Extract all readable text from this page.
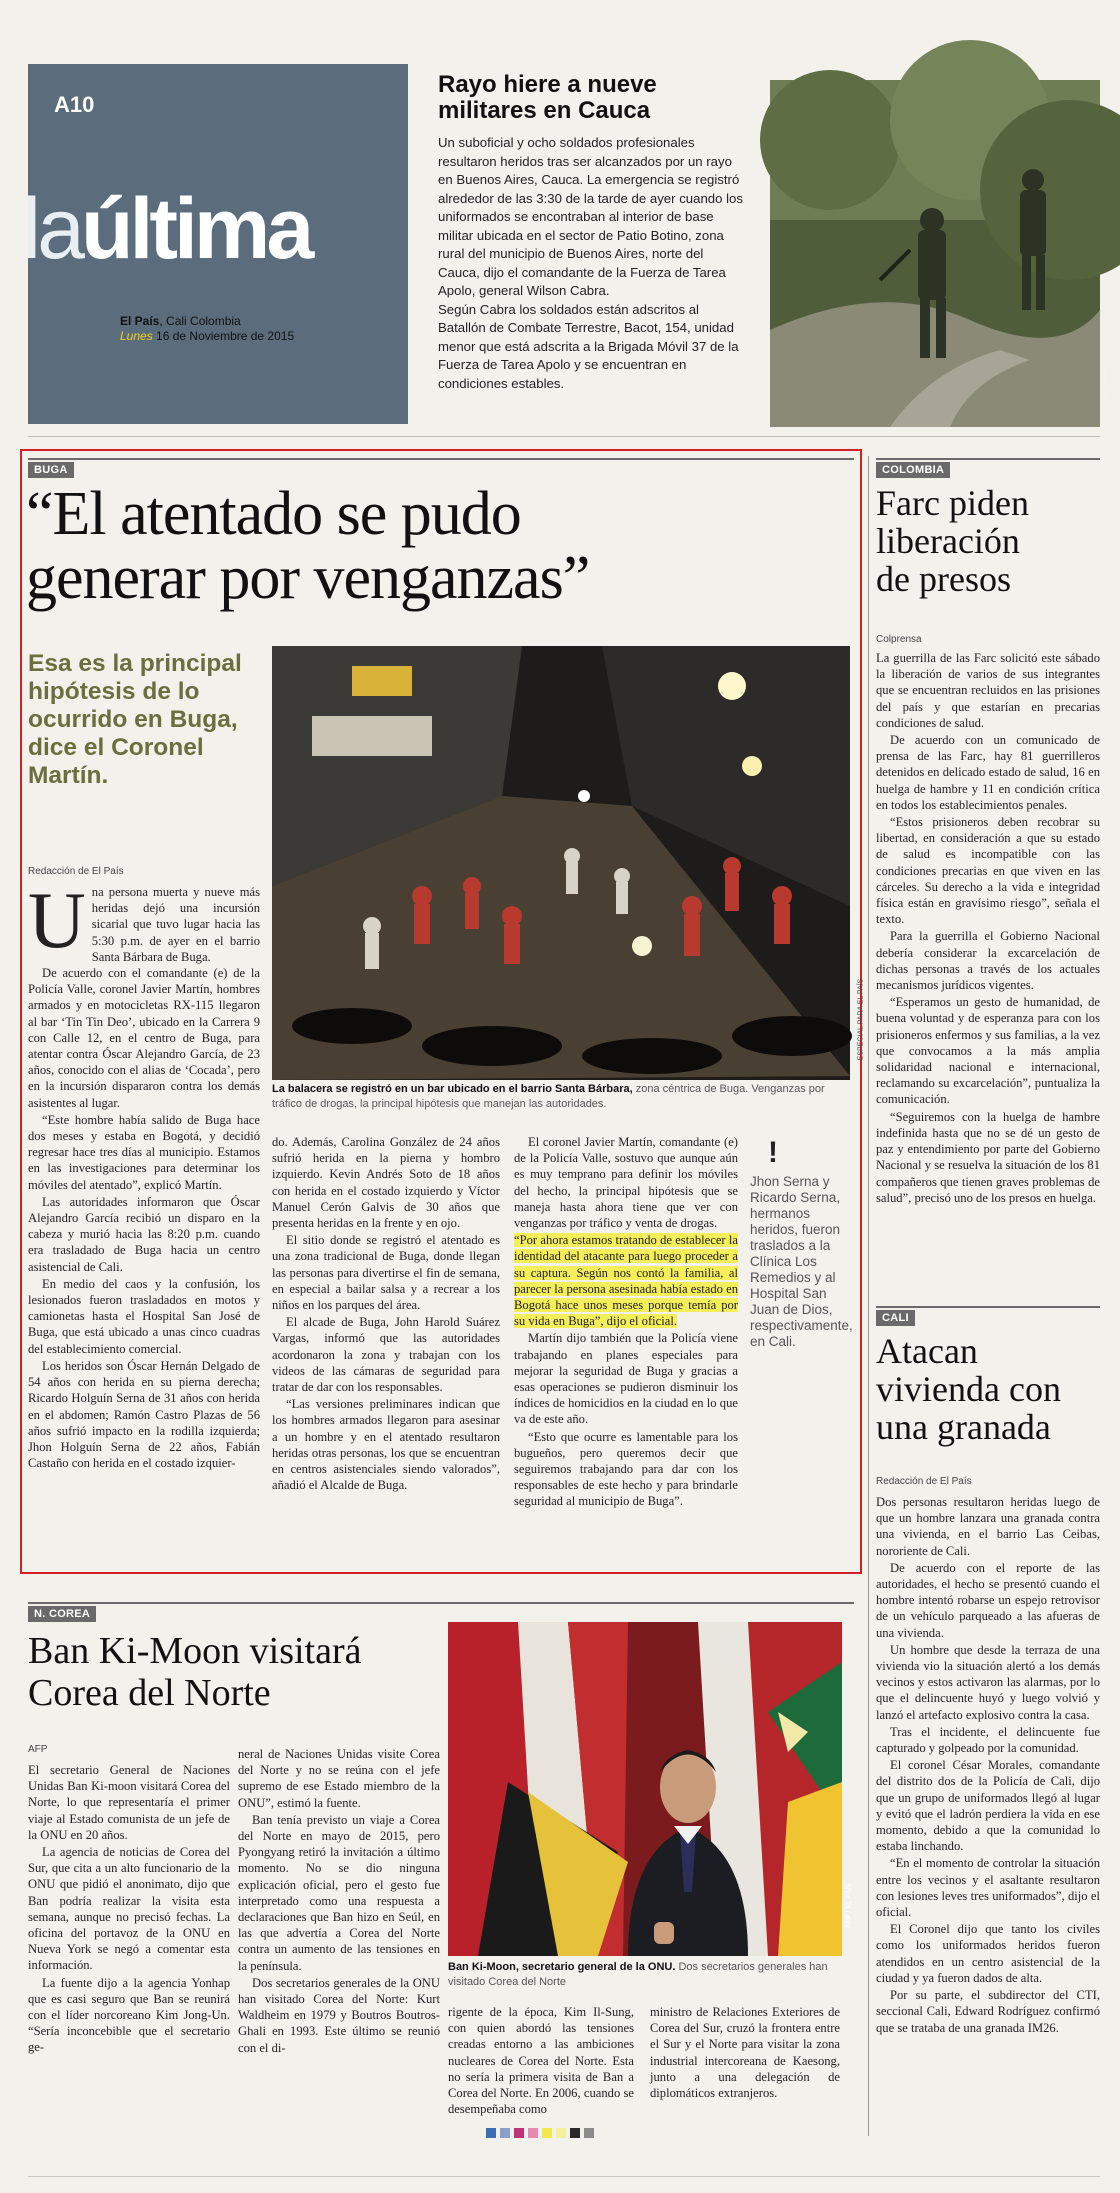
A10
laúltima
El País, Cali Colombia
Lunes 16 de Noviembre de 2015
Rayo hiere a nueve
militares en Cauca

Un suboficial y ocho soldados profesionales resultaron heridos tras ser alcanzados por un rayo en Buenos Aires, Cauca. La emergencia se registró alrededor de las 3:30 de la tarde de ayer cuando los uniformados se encontraban al interior de base militar ubicada en el sector de Patio Botino, zona rural del municipio de Buenos Aires, norte del Cauca, dijo el comandante de la Fuerza de Tarea Apolo, general Wilson Cabra.

Según Cabra los soldados están adscritos al Batallón de Combate Terrestre, Bacot, 154, unidad menor que está adscrita a la Brigada Móvil 37 de la Fuerza de Tarea Apolo y se encuentran en condiciones estables.	ARCHIVO
BUGA
“El atentado se pudo
generar por venganzas”
Esa es la principal hipótesis de lo ocurrido en Buga, dice el Coronel Martín.
ESPECIAL PARA EL PAÍS
La balacera se registró en un bar ubicado en el barrio Santa Bárbara, zona céntrica de Buga. Venganzas por tráfico de drogas, la principal hipótesis que manejan las autoridades.
Redacción de El País
Una persona muerta y nueve más heridas dejó una incursión sicarial que tuvo lugar hacia las 5:30 p.m. de ayer en el barrio Santa Bárbara de Buga.

De acuerdo con el comandante (e) de la Policía Valle, coronel Javier Martín, hombres armados y en motocicletas RX-115 llegaron al bar ‘Tin Tin Deo’, ubicado en la Carrera 9 con Calle 12, en el centro de Buga, para atentar contra Óscar Alejandro García, de 23 años, conocido con el alias de ‘Cocada’, pero en la incursión dispararon contra los demás asistentes al lugar.

“Este hombre había salido de Buga hace dos meses y estaba en Bogotá, y decidió regresar hace tres días al municipio. Estamos en las investigaciones para determinar los móviles del atentado”, explicó Martín.

Las autoridades informaron que Óscar Alejandro García recibió un disparo en la cabeza y murió hacia las 8:20 p.m. cuando era trasladado de Buga hacia un centro asistencial de Cali.

En medio del caos y la confusión, los lesionados fueron trasladados en motos y camionetas hasta el Hospital San José de Buga, que está ubicado a unas cinco cuadras del establecimiento comercial.

Los heridos son Óscar Hernán Delgado de 54 años con herida en su pierna derecha; Ricardo Holguín Serna de 31 años con herida en el abdomen; Ramón Castro Plazas de 56 años sufrió impacto en la rodilla izquierda; Jhon Holguín Serna de 22 años, Fabián Castaño con herida en el costado izquier-

do. Además, Carolina González de 24 años sufrió herida en la pierna y hombro izquierdo. Kevin Andrés Soto de 18 años con herida en el costado izquierdo y Víctor Manuel Cerón Galvis de 30 años que presenta heridas en la frente y en ojo.

El sitio donde se registró el atentado es una zona tradicional de Buga, donde llegan las personas para divertirse el fin de semana, en especial a bailar salsa y a recrear a los niños en los parques del área.

El alcade de Buga, John Harold Suárez Vargas, informó que las autoridades acordonaron la zona y trabajan con los videos de las cámaras de seguridad para tratar de dar con los responsables.

“Las versiones preliminares indican que los hombres armados llegaron para asesinar a un hombre y en el atentado resultaron heridas otras personas, los que se encuentran en centros asistenciales siendo valorados”, añadió el Alcalde de Buga.

El coronel Javier Martín, comandante (e) de la Policía Valle, sostuvo que aunque aún es muy temprano para definir los móviles del hecho, la principal hipótesis que se maneja hasta ahora tiene que ver con venganzas por tráfico y venta de drogas.

“Por ahora estamos tratando de establecer la identidad del atacante para luego proceder a su captura. Según nos contó la familia, al parecer la persona asesinada había estado en Bogotá hace unos meses porque temía por su vida en Buga”, dijo el oficial.

Martín dijo también que la Policía viene trabajando en planes especiales para mejorar la seguridad de Buga y gracias a esas operaciones se pudieron disminuir los índices de homicidios en la ciudad en lo que va de este año.

“Esto que ocurre es lamentable para los bugueños, pero queremos decir que seguiremos trabajando para dar con los responsables de este hecho y para brindarle seguridad al municipio de Buga”.

!
Jhon Serna y Ricardo Serna, hermanos heridos, fueron traslados a la Clínica Los Remedios y al Hospital San Juan de Dios, respectivamente, en Cali.
COLOMBIA
Farc piden
liberación
de presos
Colprensa

La guerrilla de las Farc solicitó este sábado la liberación de varios de sus integrantes que se encuentran recluidos en las prisiones del país y que estarían en precarias condiciones de salud.

De acuerdo con un comunicado de prensa de las Farc, hay 81 guerrilleros detenidos en delicado estado de salud, 16 en huelga de hambre y 11 en condición crítica en todos los establecimientos penales.

“Estos prisioneros deben recobrar su libertad, en consideración a que su estado de salud es incompatible con las condiciones precarias en que viven en las cárceles. Su derecho a la vida e integridad física están en gravísimo riesgo”, señala el texto.

Para la guerrilla el Gobierno Nacional debería considerar la excarcelación de dichas personas a través de los actuales mecanismos jurídicos vigentes.

“Esperamos un gesto de humanidad, de buena voluntad y de esperanza para con los prisioneros enfermos y sus familias, a la vez que convocamos a la más amplia solidaridad nacional e internacional, reclamando su excarcelación”, puntualiza la comunicación.

“Seguiremos con la huelga de hambre indefinida hasta que no se dé un gesto de paz y entendimiento por parte del Gobierno Nacional y se resuelva la situación de los 81 compañeros que tienen graves problemas de salud”, precisó uno de los presos en huelga.

CALI
Atacan
vivienda con
una granada
Redacción de El País

Dos personas resultaron heridas luego de que un hombre lanzara una granada contra una vivienda, en el barrio Las Ceibas, nororiente de Cali.

De acuerdo con el reporte de las autoridades, el hecho se presentó cuando el hombre intentó robarse un espejo retrovisor de un vehículo parqueado a las afueras de una vivienda.

Un hombre que desde la terraza de una vivienda vio la situación alertó a los demás vecinos y estos activaron las alarmas, por lo que el delincuente huyó y luego volvió y lanzó el artefacto explosivo contra la casa.

Tras el incidente, el delincuente fue capturado y golpeado por la comunidad.

El coronel César Morales, comandante del distrito dos de la Policía de Cali, dijo que un grupo de uniformados llegó al lugar y evitó que el ladrón perdiera la vida en ese momento, debido a que la comunidad lo estaba linchando.

“En el momento de controlar la situación entre los vecinos y el asaltante resultaron con lesiones leves tres uniformados”, dijo el oficial.

El Coronel dijo que tanto los civiles como los uniformados heridos fueron atendidos en un centro asistencial de la ciudad y ya fueron dados de alta.

Por su parte, el subdirector del CTI, seccional Cali, Edward Rodríguez confirmó que se trataba de una granada IM26.

N. COREA
Ban Ki-Moon visitará
Corea del Norte
AFP

El secretario General de Naciones Unidas Ban Ki-moon visitará Corea del Norte, lo que representaría el primer viaje al Estado comunista de un jefe de la ONU en 20 años.

La agencia de noticias de Corea del Sur, que cita a un alto funcionario de la ONU que pidió el anonimato, dijo que Ban podría realizar la visita esta semana, aunque no precisó fechas. La oficina del portavoz de la ONU en Nueva York se negó a comentar esta información.

La fuente dijo a la agencia Yonhap que es casi seguro que Ban se reunirá con el líder norcoreano Kim Jong-Un. “Sería inconcebible que el secretario ge-

neral de Naciones Unidas visite Corea del Norte y no se reúna con el jefe supremo de ese Estado miembro de la ONU”, estimó la fuente.

Ban tenía previsto un viaje a Corea del Norte en mayo de 2015, pero Pyongyang retiró la invitación a último momento. No se dio ninguna explicación oficial, pero el gesto fue interpretado como una respuesta a declaraciones que Ban hizo en Seúl, en las que advertía a Corea del Norte contra un aumento de las tensiones en la península.

Dos secretarios generales de la ONU han visitado Corea del Norte: Kurt Waldheim en 1979 y Boutros Boutros-Ghali en 1993. Este último se reunió con el di-

AFP / EL PAÍS
Ban Ki-Moon, secretario general de la ONU. Dos secretarios generales han visitado Corea del Norte

rigente de la época, Kim Il-Sung, con quien abordó las tensiones creadas entorno a las ambiciones nucleares de Corea del Norte. Esta no sería la primera visita de Ban a Corea del Norte. En 2006, cuando se desempeñaba como

ministro de Relaciones Exteriores de Corea del Sur, cruzó la frontera entre el Sur y el Norte para visitar la zona industrial intercoreana de Kaesong, junto a una delegación de diplomáticos extranjeros.
